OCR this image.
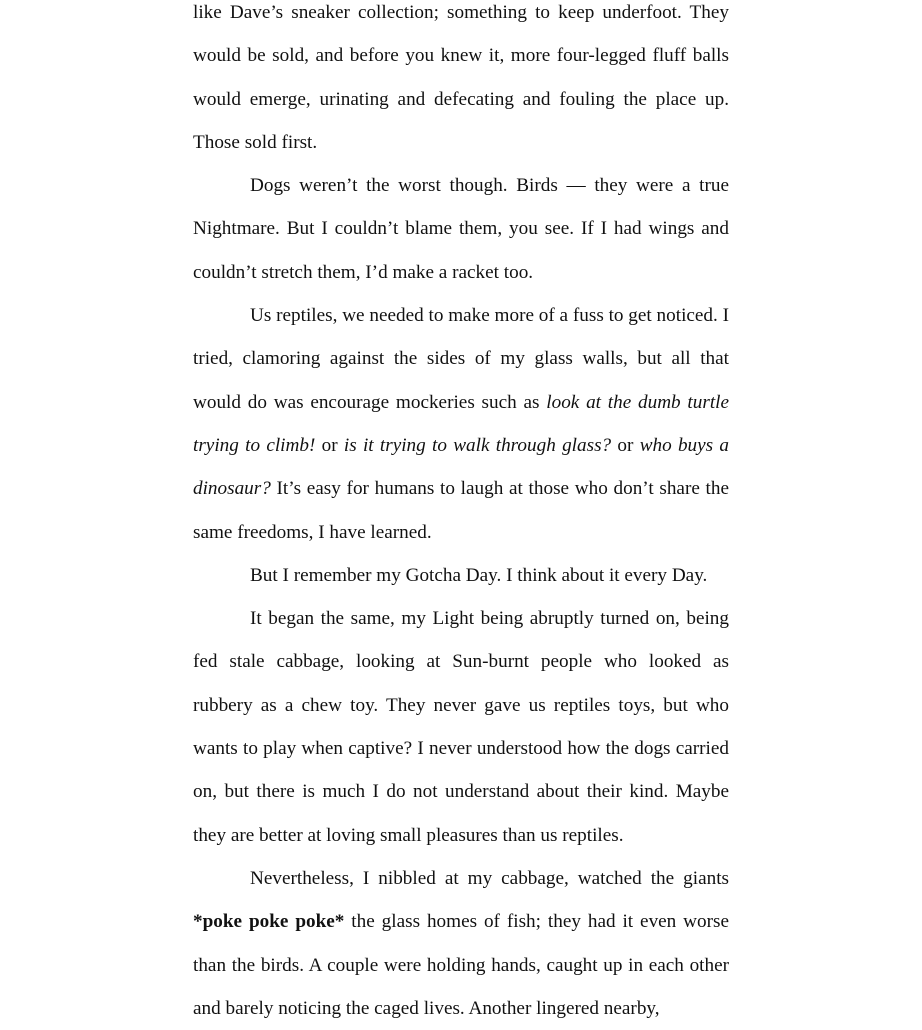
like Dave’s sneaker collection; something to keep underfoot. They would be sold, and before you knew it, more four-legged fluff balls would emerge, urinating and defecating and fouling the place up. Those sold first.

Dogs weren’t the worst though. Birds — they were a true Nightmare. But I couldn’t blame them, you see. If I had wings and couldn’t stretch them, I’d make a racket too.

Us reptiles, we needed to make more of a fuss to get noticed. I tried, clamoring against the sides of my glass walls, but all that would do was encourage mockeries such as look at the dumb turtle trying to climb! or is it trying to walk through glass? or who buys a dinosaur? It’s easy for humans to laugh at those who don’t share the same freedoms, I have learned.

But I remember my Gotcha Day. I think about it every Day.

It began the same, my Light being abruptly turned on, being fed stale cabbage, looking at Sun-burnt people who looked as rubbery as a chew toy. They never gave us reptiles toys, but who wants to play when captive? I never understood how the dogs carried on, but there is much I do not understand about their kind. Maybe they are better at loving small pleasures than us reptiles.

Nevertheless, I nibbled at my cabbage, watched the giants *poke poke poke* the glass homes of fish; they had it even worse than the birds. A couple were holding hands, caught up in each other and barely noticing the caged lives. Another lingered nearby,
